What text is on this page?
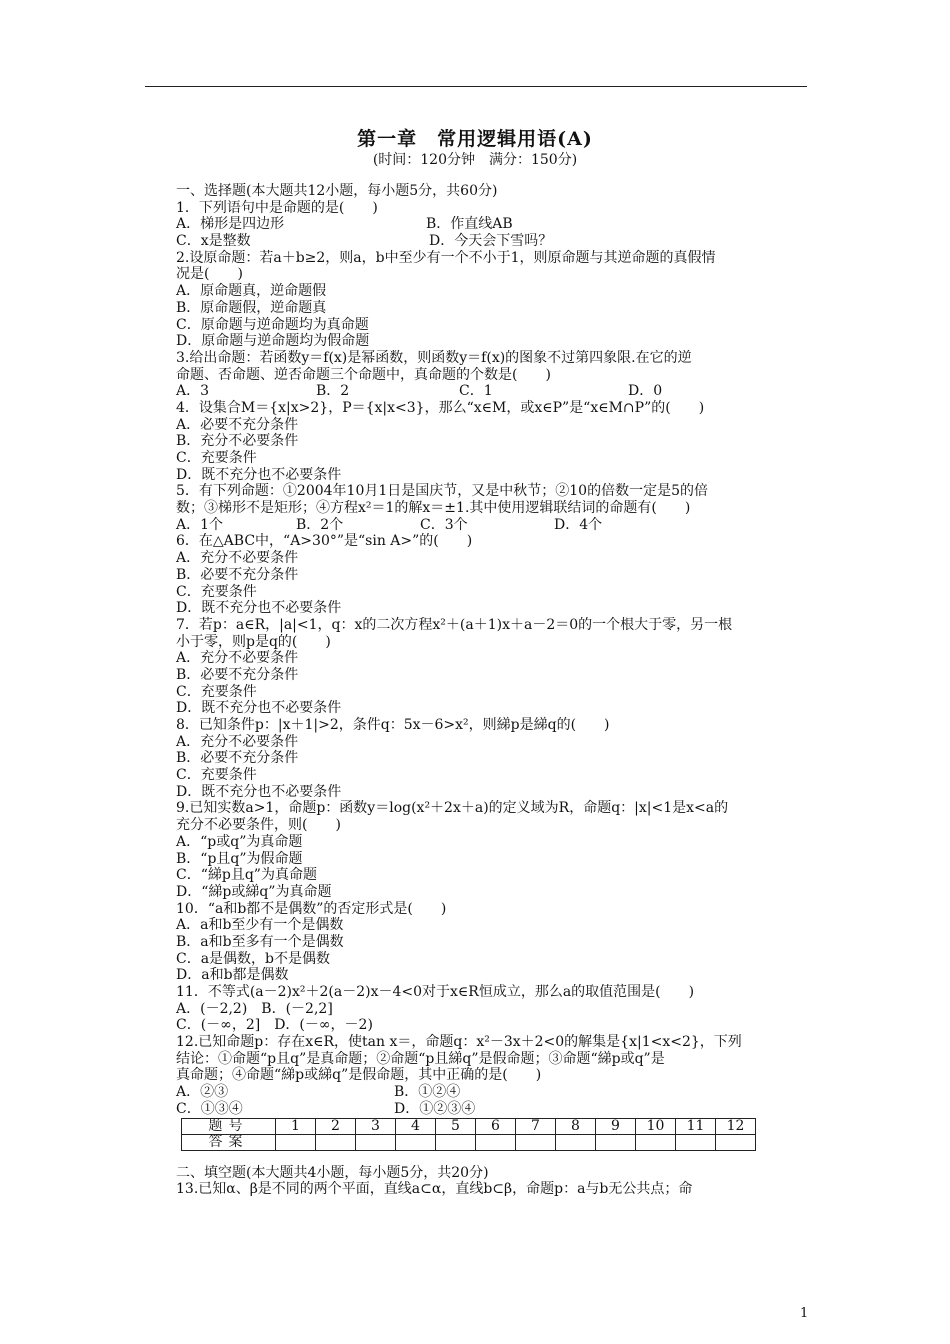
第一章　常用逻辑用语(A)
(时间：120分钟　满分：150分)
一、选择题(本大题共12小题，每小题5分，共60分)
1．下列语句中是命题的是(　　)
A．梯形是四边形	B．作直线AB
C．x是整数	D．今天会下雪吗？
2.设原命题：若a＋b≥2，则a，b中至少有一个不小于1，则原命题与其逆命题的真假情
况是(　　)
A．原命题真，逆命题假
B．原命题假，逆命题真
C．原命题与逆命题均为真命题
D．原命题与逆命题均为假命题
3.给出命题：若函数y＝f(x)是幂函数，则函数y＝f(x)的图象不过第四象限.在它的逆
命题、否命题、逆否命题三个命题中，真命题的个数是(　　)
A．3	B．2	C．1	D．0
4．设集合M＝{x|x>2}，P＝{x|x<3}，那么“x∈M，或x∈P”是“x∈M∩P”的(　　)
A．必要不充分条件
B．充分不必要条件
C．充要条件
D．既不充分也不必要条件
5．有下列命题：①2004年10月1日是国庆节，又是中秋节；②10的倍数一定是5的倍
数；③梯形不是矩形；④方程x²＝1的解x＝±1.其中使用逻辑联结词的命题有(　　)
A．1个	B．2个	C．3个	D．4个
6．在△ABC中，“A>30°”是“sin A>”的(　　)
A．充分不必要条件
B．必要不充分条件
C．充要条件
D．既不充分也不必要条件
7．若p：a∈R，|a|<1，q：x的二次方程x²＋(a＋1)x＋a－2＝0的一个根大于零，另一根
小于零，则p是q的(　　)
A．充分不必要条件
B．必要不充分条件
C．充要条件
D．既不充分也不必要条件
8．已知条件p：|x＋1|>2，条件q：5x－6>x²，则綈p是綈q的(　　)
A．充分不必要条件
B．必要不充分条件
C．充要条件
D．既不充分也不必要条件
9.已知实数a>1，命题p：函数y＝log(x²＋2x＋a)的定义域为R，命题q：|x|<1是x<a的
充分不必要条件，则(　　)
A．“p或q”为真命题
B．“p且q”为假命题
C．“綈p且q”为真命题
D．“綈p或綈q”为真命题
10．“a和b都不是偶数”的否定形式是(　　)
A．a和b至少有一个是偶数
B．a和b至多有一个是偶数
C．a是偶数，b不是偶数
D．a和b都是偶数
11．不等式(a－2)x²＋2(a－2)x－4<0对于x∈R恒成立，那么a的取值范围是(　　)
A．(－2,2)　B．(－2,2]
C．(－∞，2]　D．(－∞，－2)
12.已知命题p：存在x∈R，使tan x＝，命题q：x²－3x＋2<0的解集是{x|1<x<2}，下列
结论：①命题“p且q”是真命题；②命题“p且綈q”是假命题；③命题“綈p或q”是
真命题；④命题“綈p或綈q”是假命题，其中正确的是(　　)
A．②③	B．①②④
C．①③④	D．①②③④
题号	1	2	3	4	5	6	7	8	9	10	11	12
答案												
二、填空题(本大题共4小题，每小题5分，共20分)
13.已知α、β是不同的两个平面，直线a⊂α，直线b⊂β，命题p：a与b无公共点；命
1
